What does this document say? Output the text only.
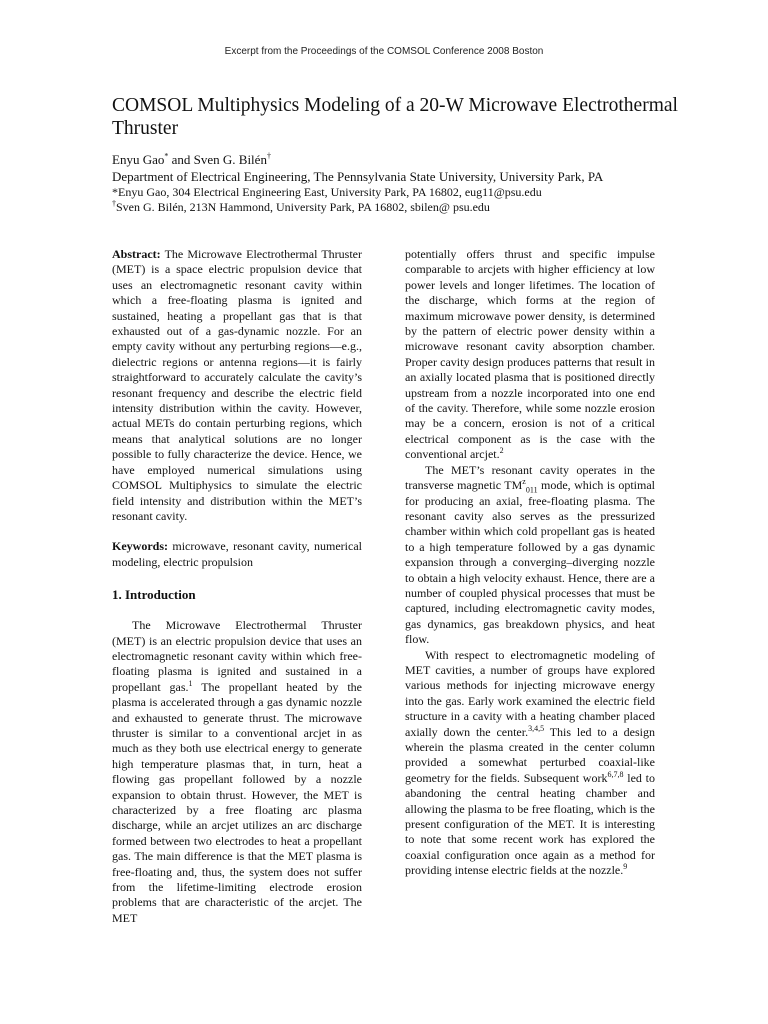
Excerpt from the Proceedings of the COMSOL Conference 2008 Boston
COMSOL Multiphysics Modeling of a 20-W Microwave Electrothermal Thruster
Enyu Gao* and Sven G. Bilén†
Department of Electrical Engineering, The Pennsylvania State University, University Park, PA
*Enyu Gao, 304 Electrical Engineering East, University Park, PA 16802, eug11@psu.edu
†Sven G. Bilén, 213N Hammond, University Park, PA 16802, sbilen@ psu.edu

Abstract: The Microwave Electrothermal Thruster (MET) is a space electric propulsion device that uses an electromagnetic resonant cavity within which a free-floating plasma is ignited and sustained, heating a propellant gas that is that exhausted out of a gas-dynamic nozzle. For an empty cavity without any perturbing regions—e.g., dielectric regions or antenna regions—it is fairly straightforward to accurately calculate the cavity’s resonant frequency and describe the electric field intensity distribution within the cavity. However, actual METs do contain perturbing regions, which means that analytical solutions are no longer possible to fully characterize the device. Hence, we have employed numerical simulations using COMSOL Multiphysics to simulate the electric field intensity and distribution within the MET’s resonant cavity.

Keywords: microwave, resonant cavity, numerical modeling, electric propulsion

1. Introduction

The Microwave Electrothermal Thruster (MET) is an electric propulsion device that uses an electromagnetic resonant cavity within which free-floating plasma is ignited and sustained in a propellant gas.$^1$ The propellant heated by the plasma is accelerated through a gas dynamic nozzle and exhausted to generate thrust. The microwave thruster is similar to a conventional arcjet in as much as they both use electrical energy to generate high temperature plasmas that, in turn, heat a flowing gas propellant followed by a nozzle expansion to obtain thrust. However, the MET is characterized by a free floating arc plasma discharge, while an arcjet utilizes an arc discharge formed between two electrodes to heat a propellant gas. The main difference is that the MET plasma is free-floating and, thus, the system does not suffer from the lifetime-limiting electrode erosion problems that are characteristic of the arcjet. The MET

potentially offers thrust and specific impulse comparable to arcjets with higher efficiency at low power levels and longer lifetimes. The location of the discharge, which forms at the region of maximum microwave power density, is determined by the pattern of electric power density within a microwave resonant cavity absorption chamber. Proper cavity design produces patterns that result in an axially located plasma that is positioned directly upstream from a nozzle incorporated into one end of the cavity. Therefore, while some nozzle erosion may be a concern, erosion is not of a critical electrical component as is the case with the conventional arcjet.$^2$

The MET’s resonant cavity operates in the transverse magnetic $TM^z_{011}$ mode, which is optimal for producing an axial, free-floating plasma. The resonant cavity also serves as the pressurized chamber within which cold propellant gas is heated to a high temperature followed by a gas dynamic expansion through a converging–diverging nozzle to obtain a high velocity exhaust. Hence, there are a number of coupled physical processes that must be captured, including electromagnetic cavity modes, gas dynamics, gas breakdown physics, and heat flow.

With respect to electromagnetic modeling of MET cavities, a number of groups have explored various methods for injecting microwave energy into the gas. Early work examined the electric field structure in a cavity with a heating chamber placed axially down the center.$^{3,4,5}$ This led to a design wherein the plasma created in the center column provided a somewhat perturbed coaxial-like geometry for the fields. Subsequent work$^{6,7,8}$ led to abandoning the central heating chamber and allowing the plasma to be free floating, which is the present configuration of the MET. It is interesting to note that some recent work has explored the coaxial configuration once again as a method for providing intense electric fields at the nozzle.$^9$
